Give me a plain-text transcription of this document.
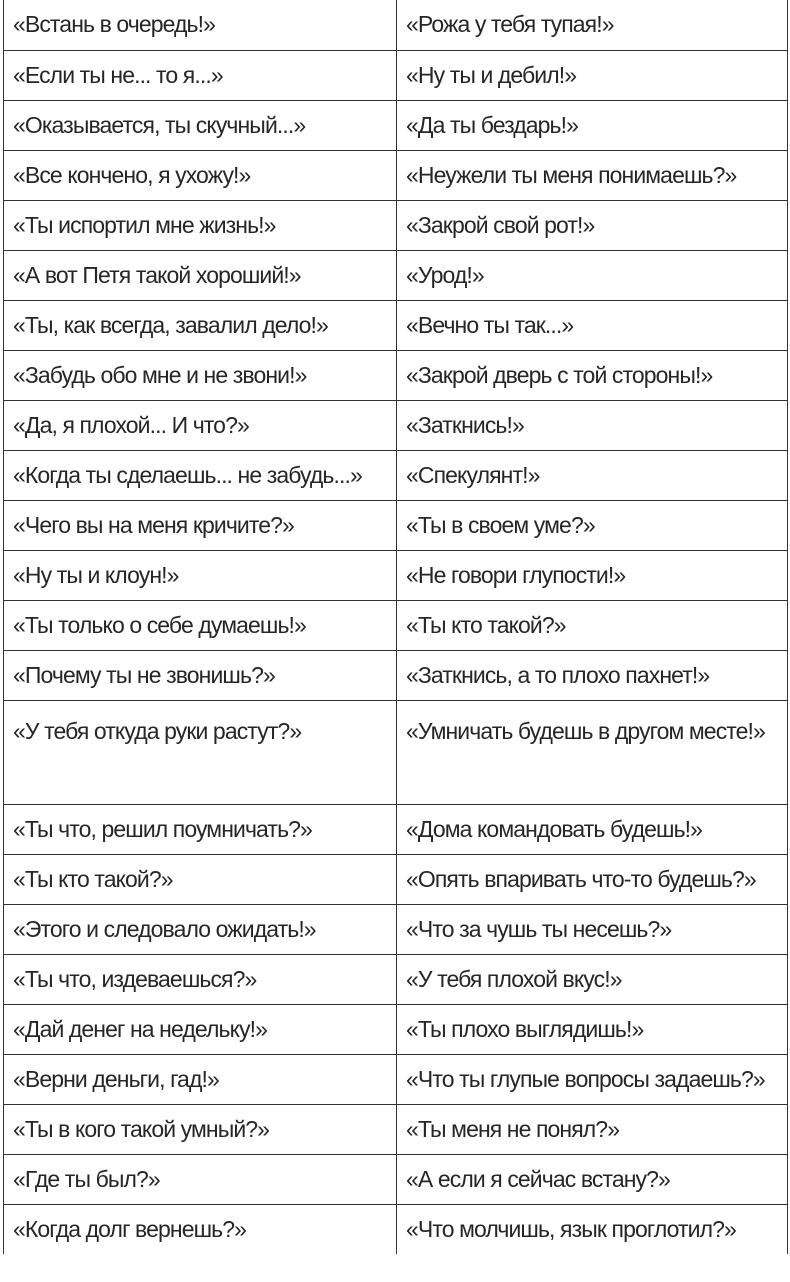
«Встань в очередь!»	«Рожа у тебя тупая!»
«Если ты не... то я...»	«Ну ты и дебил!»
«Оказывается, ты скучный...»	«Да ты бездарь!»
«Все кончено, я ухожу!»	«Неужели ты меня понимаешь?»
«Ты испортил мне жизнь!»	«Закрой свой рот!»
«А вот Петя такой хороший!»	«Урод!»
«Ты, как всегда, завалил дело!»	«Вечно ты так...»
«Забудь обо мне и не звони!»	«Закрой дверь с той стороны!»
«Да, я плохой... И что?»	«Заткнись!»
«Когда ты сделаешь... не забудь...»	«Спекулянт!»
«Чего вы на меня кричите?»	«Ты в своем уме?»
«Ну ты и клоун!»	«Не говори глупости!»
«Ты только о себе думаешь!»	«Ты кто такой?»
«Почему ты не звонишь?»	«Заткнись, а то плохо пахнет!»
«У тебя откуда руки растут?»	«Умничать будешь в другом месте!»
«Ты что, решил поумничать?»	«Дома командовать будешь!»
«Ты кто такой?»	«Опять впаривать что-то будешь?»
«Этого и следовало ожидать!»	«Что за чушь ты несешь?»
«Ты что, издеваешься?»	«У тебя плохой вкус!»
«Дай денег на недельку!»	«Ты плохо выглядишь!»
«Верни деньги, гад!»	«Что ты глупые вопросы задаешь?»
«Ты в кого такой умный?»	«Ты меня не понял?»
«Где ты был?»	«А если я сейчас встану?»
«Когда долг вернешь?»	«Что молчишь, язык проглотил?»
